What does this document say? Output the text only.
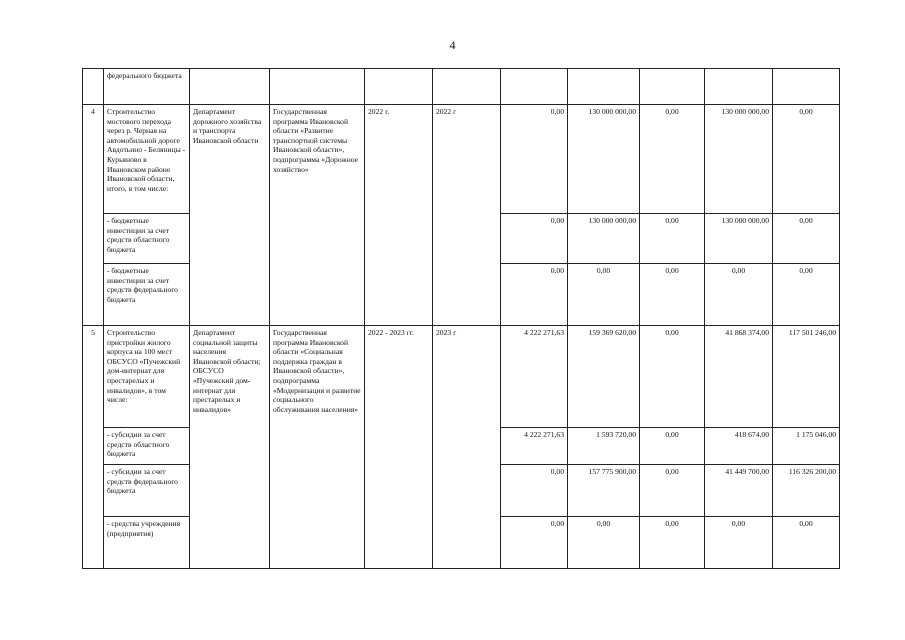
4
	федерального бюджета									
4	Строительство мостового перехода через р. Черная на автомобильной дороге Авдотьино - Беляницы - Курьяново в Ивановском районе Ивановской области, итого, в том числе:	Департамент дорожного хозяйства и транспорта Ивановской области	Государственная программа Ивановской области «Развитие транспортной системы Ивановской области», подпрограмма «Дорожное хозяйство»	2022 г.	2022 г	0,00	130 000 000,00	0,00	130 000 000,00	0,00
	- бюджетные инвестиции за счет средств областного бюджета					0,00	130 000 000,00	0,00	130 000 000,00	0,00
	- бюджетные инвестиции за счет средств федерального бюджета					0,00	0,00	0,00	0,00	0,00
5	Строительство пристройки жилого корпуса на 100 мест ОБСУСО «Пучежский дом-интернат для престарелых и инвалидов», в том числе:	Департамент социальной защиты населения Ивановской области; ОБСУСО «Пучежский дом-интернат для престарелых и инвалидов»	Государственная программа Ивановской области «Социальная поддержка граждан в Ивановской области», подпрограмма «Модернизация и развитие социального обслуживания населения»	2022 - 2023 гг.	2023 г	4 222 271,63	159 369 620,00	0,00	41 868 374,00	117 501 246,00
	- субсидии за счет средств областного бюджета					4 222 271,63	1 593 720,00	0,00	418 674,00	1 175 046,00
	- субсидии за счет средств федерального бюджета					0,00	157 775 900,00	0,00	41 449 700,00	116 326 200,00
	- средства учреждения (предприятия)					0,00	0,00	0,00	0,00	0,00
